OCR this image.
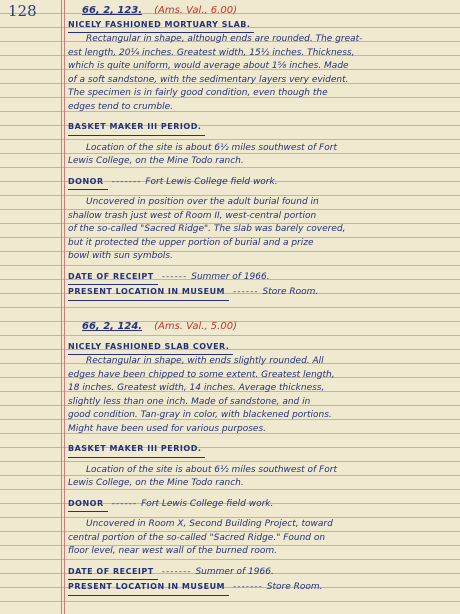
128	66, 2, 123. (Ams. Val., 6.00)
NICELY FASHIONED MORTUARY SLAB.
Rectangular in shape, although ends are rounded. The great-
est length, 20¼ inches. Greatest width, 15½ inches. Thickness,
which is quite uniform, would average about 1⅝ inches. Made
of a soft sandstone, with the sedimentary layers very evident.
The specimen is in fairly good condition, even though the
edges tend to crumble.
BASKET MAKER III PERIOD.
Location of the site is about 6½ miles southwest of Fort
Lewis College, on the Mine Todo ranch.
DONOR ------- Fort Lewis College field work.
Uncovered in position over the adult burial found in
shallow trash just west of Room II, west-central portion
of the so-called "Sacred Ridge". The slab was barely covered,
but it protected the upper portion of burial and a prize
bowl with sun symbols.
DATE OF RECEIPT ------ Summer of 1966.
PRESENT LOCATION IN MUSEUM ------ Store Room.
66, 2, 124. (Ams. Val., 5.00)
NICELY FASHIONED SLAB COVER.
Rectangular in shape, with ends slightly rounded. All
edges have been chipped to some extent. Greatest length,
18 inches. Greatest width, 14 inches. Average thickness,
slightly less than one inch. Made of sandstone, and in
good condition. Tan-gray in color, with blackened portions.
Might have been used for various purposes.
BASKET MAKER III PERIOD.
Location of the site is about 6½ miles southwest of Fort
Lewis College, on the Mine Todo ranch.
DONOR ------ Fort Lewis College field work.
Uncovered in Room X, Second Building Project, toward
central portion of the so-called "Sacred Ridge." Found on
floor level, near west wall of the burned room.
DATE OF RECEIPT ------- Summer of 1966.
PRESENT LOCATION IN MUSEUM ------- Store Room.
